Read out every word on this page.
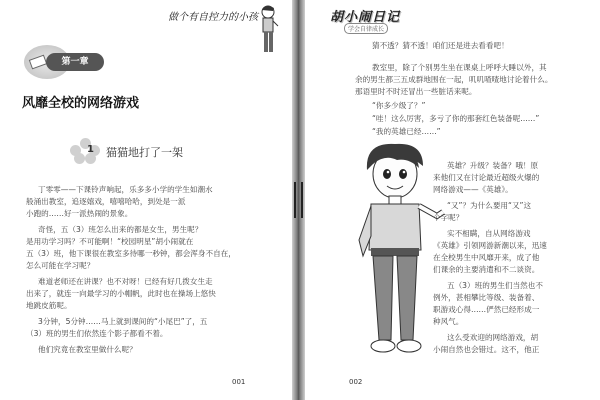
做个有自控力的小孩
第一章
风靡全校的网络游戏
1 猫猫地打了一架
丁零零——下课铃声响起，乐多多小学的学生如潮水
般涌出教室，追逐嬉戏，嘻嘻哈哈，到处是一派
小跑的……好一派热闹的景象。
奇怪，五（3）班怎么出来的都是女生，男生呢？
是用功学习吗？不可能啊！“校园明星”胡小闹就在
五（3）班，他下课很在教室多待哪一秒钟，都会浑身不自在，
怎么可能在学习呢？
难道老师还在讲课？也不对呀！已经有好几拨女生走
出来了，就连一向最学习的小帽帆，此时也在操场上悠快
地跳皮筋呢。
3分钟，5分钟……马上就到课间的“小尾巴”了，五
（3）班的男生们依然连个影子都看不着。
他们究竟在教室里做什么呢？
001
胡小闹日记
学会自律成长
猜不透？猜不透！咱们还是进去看看吧！
教室里，除了个别男生坐在课桌上呼呼大睡以外，其
余的男生都三五成群地围在一起，叽叽喳喳地讨论着什么。
那语里时不时还冒出一些脏话来呢。
“你多少级了？”
“哇！这么厉害，多亏了你的那套红色装备呢……”
“我的英雄已经……”
英雄？升级？装备？哦！原
来他们又在讨论最近超级火爆的
网络游戏——《英雄》。
“又”？为什么要用“又”这
个字呢？
实不相瞒，自从网络游戏
《英雄》引领网游新潮以来，迅速
在全校男生中风靡开来，成了他
们课余的主要消遣和不二谈资。
五（3）班的男生们当然也不
例外，甚相攀比等级、装备着、
职游戏心得……俨然已经形成一
种风气。
这么受欢迎的网络游戏，胡
小闹自然也会错过。这不，他正
002
